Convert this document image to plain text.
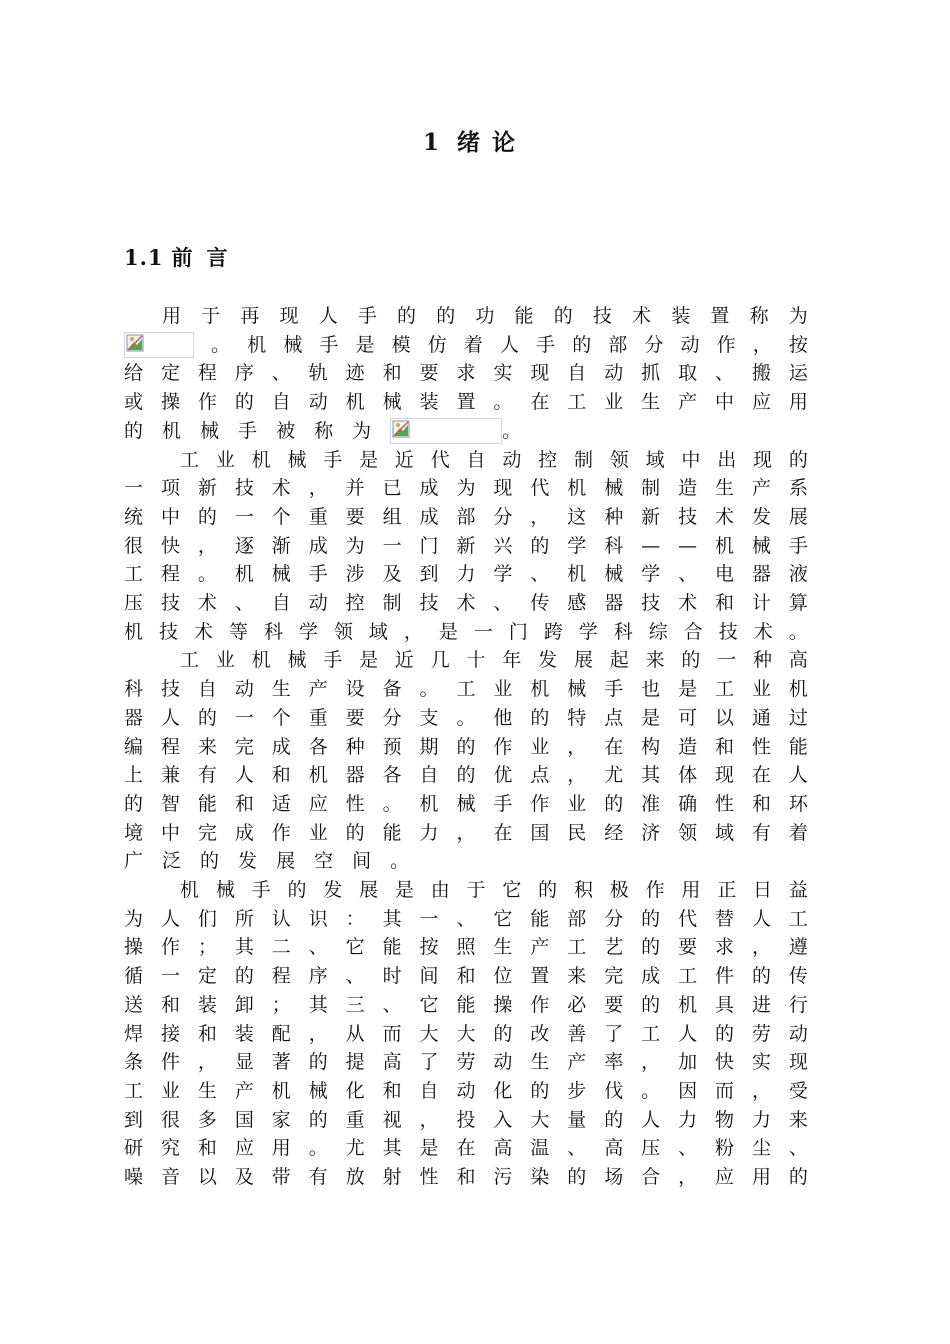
1 绪论
1.1 前言
用 于 再 现 人 手 的 的 功 能 的 技 术 装 置 称 为
。 机 械 手 是 模 仿 着 人 手 的 部 分 动 作 ， 按
给 定 程 序 、 轨 迹 和 要 求 实 现 自 动 抓 取 、 搬 运
或 操 作 的 自 动 机 械 装 置 。 在 工 业 生 产 中 应 用
的 机 械 手 被 称 为	。
工 业 机 械 手 是 近 代 自 动 控 制 领 域 中 出 现 的
一 项 新 技 术 ， 并 已 成 为 现 代 机 械 制 造 生 产 系
统 中 的 一 个 重 要 组 成 部 分 ， 这 种 新 技 术 发 展
很 快 ， 逐 渐 成 为 一 门 新 兴 的 学 科 — — 机 械 手
工 程 。 机 械 手 涉 及 到 力 学 、 机 械 学 、 电 器 液
压 技 术 、 自 动 控 制 技 术 、 传 感 器 技 术 和 计 算
机 技 术 等 科 学 领 域 ， 是 一 门 跨 学 科 综 合 技 术 。
工 业 机 械 手 是 近 几 十 年 发 展 起 来 的 一 种 高
科 技 自 动 生 产 设 备 。 工 业 机 械 手 也 是 工 业 机
器 人 的 一 个 重 要 分 支 。 他 的 特 点 是 可 以 通 过
编 程 来 完 成 各 种 预 期 的 作 业 ， 在 构 造 和 性 能
上 兼 有 人 和 机 器 各 自 的 优 点 ， 尤 其 体 现 在 人
的 智 能 和 适 应 性 。 机 械 手 作 业 的 准 确 性 和 环
境 中 完 成 作 业 的 能 力 ， 在 国 民 经 济 领 域 有 着
广 泛 的 发 展 空 间 。
机 械 手 的 发 展 是 由 于 它 的 积 极 作 用 正 日 益
为 人 们 所 认 识 ： 其 一 、 它 能 部 分 的 代 替 人 工
操 作 ； 其 二 、 它 能 按 照 生 产 工 艺 的 要 求 ， 遵
循 一 定 的 程 序 、 时 间 和 位 置 来 完 成 工 件 的 传
送 和 装 卸 ； 其 三 、 它 能 操 作 必 要 的 机 具 进 行
焊 接 和 装 配 ， 从 而 大 大 的 改 善 了 工 人 的 劳 动
条 件 ， 显 著 的 提 高 了 劳 动 生 产 率 ， 加 快 实 现
工 业 生 产 机 械 化 和 自 动 化 的 步 伐 。 因 而 ， 受
到 很 多 国 家 的 重 视 ， 投 入 大 量 的 人 力 物 力 来
研 究 和 应 用 。 尤 其 是 在 高 温 、 高 压 、 粉 尘 、
噪 音 以 及 带 有 放 射 性 和 污 染 的 场 合 ， 应 用 的
